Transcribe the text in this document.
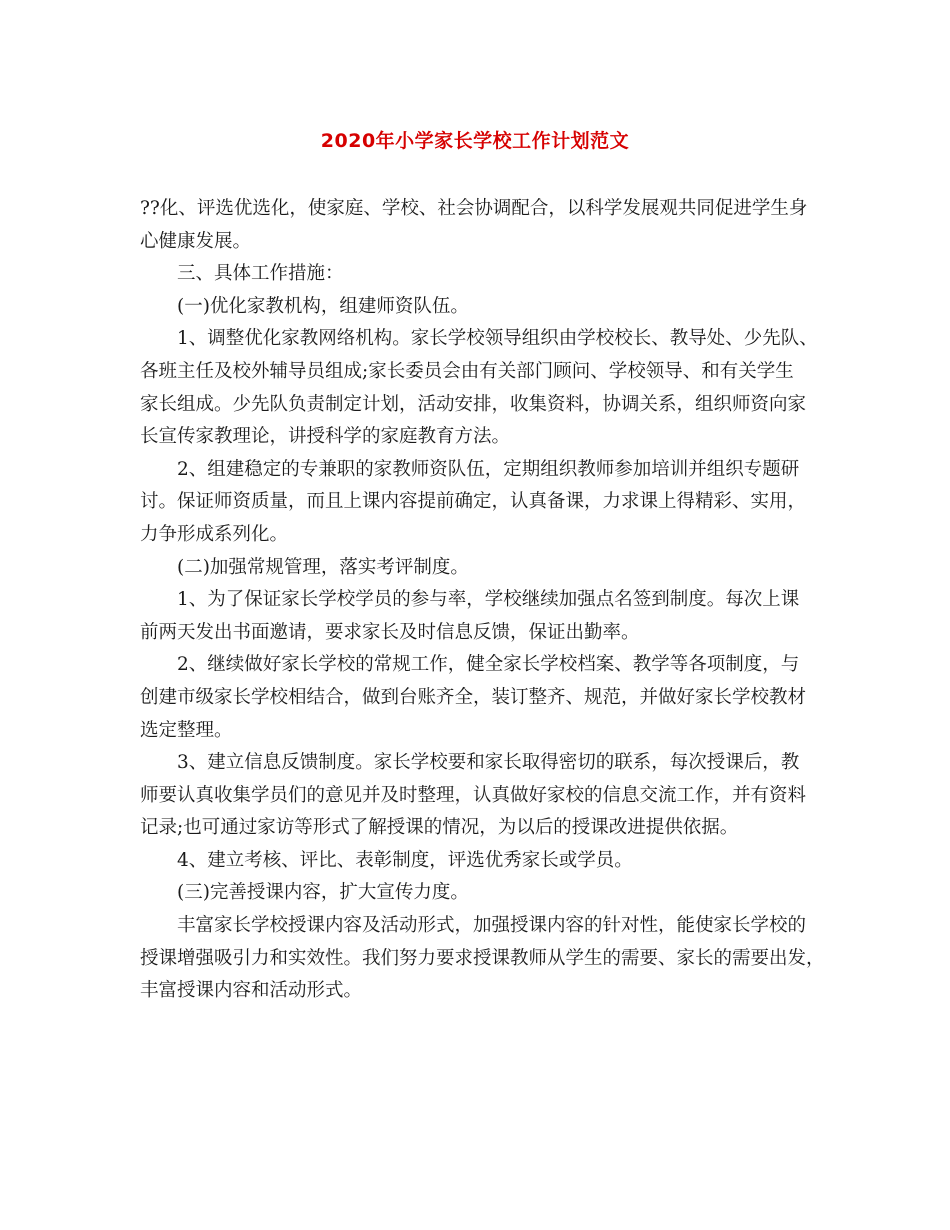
2020年小学家长学校工作计划范文
??化、评选优选化，使家庭、学校、社会协调配合，以科学发展观共同促进学生身
心健康发展。
三、具体工作措施：
(一)优化家教机构，组建师资队伍。
1、调整优化家教网络机构。家长学校领导组织由学校校长、教导处、少先队、
各班主任及校外辅导员组成;家长委员会由有关部门顾问、学校领导、和有关学生
家长组成。少先队负责制定计划，活动安排，收集资料，协调关系，组织师资向家
长宣传家教理论，讲授科学的家庭教育方法。
2、组建稳定的专兼职的家教师资队伍，定期组织教师参加培训并组织专题研
讨。保证师资质量，而且上课内容提前确定，认真备课，力求课上得精彩、实用，
力争形成系列化。
(二)加强常规管理，落实考评制度。
1、为了保证家长学校学员的参与率，学校继续加强点名签到制度。每次上课
前两天发出书面邀请，要求家长及时信息反馈，保证出勤率。
2、继续做好家长学校的常规工作，健全家长学校档案、教学等各项制度，与
创建市级家长学校相结合，做到台账齐全，装订整齐、规范，并做好家长学校教材
选定整理。
3、建立信息反馈制度。家长学校要和家长取得密切的联系，每次授课后，教
师要认真收集学员们的意见并及时整理，认真做好家校的信息交流工作，并有资料
记录;也可通过家访等形式了解授课的情况，为以后的授课改进提供依据。
4、建立考核、评比、表彰制度，评选优秀家长或学员。
(三)完善授课内容，扩大宣传力度。
丰富家长学校授课内容及活动形式，加强授课内容的针对性，能使家长学校的
授课增强吸引力和实效性。我们努力要求授课教师从学生的需要、家长的需要出发，
丰富授课内容和活动形式。
